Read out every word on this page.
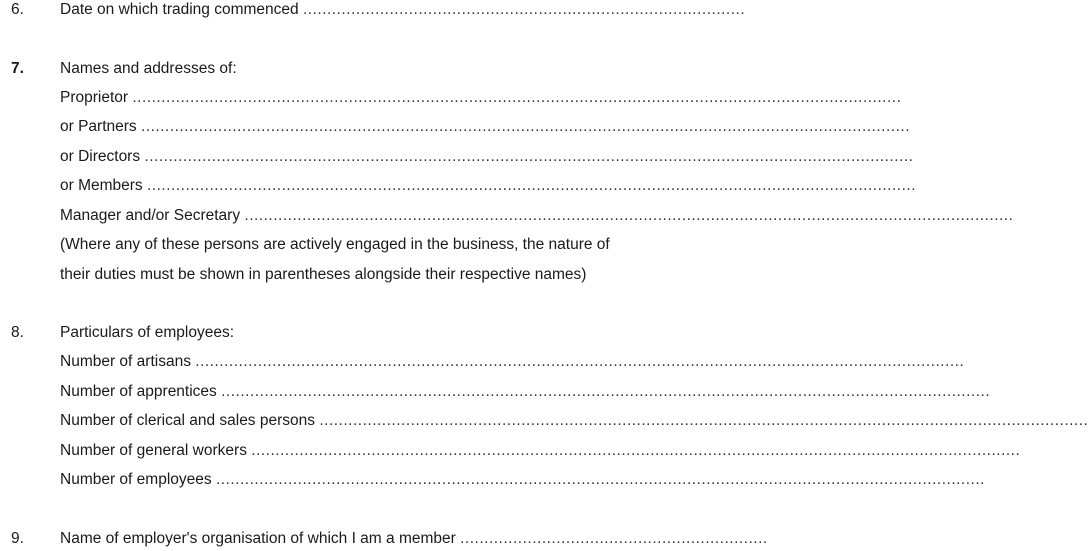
6.	Date on which trading commenced ............................................................................................
7.	Names and addresses of:
Proprietor ................................................................................................................................................................
or Partners ................................................................................................................................................................
or Directors ................................................................................................................................................................
or Members ................................................................................................................................................................
Manager and/or Secretary ................................................................................................................................................................
(Where any of these persons are actively engaged in the business, the nature of
their duties must be shown in parentheses alongside their respective names)
8.	Particulars of employees:
Number of artisans ................................................................................................................................................................
Number of apprentices ................................................................................................................................................................
Number of clerical and sales persons ................................................................................................................................................................
Number of general workers ................................................................................................................................................................
Number of employees ................................................................................................................................................................
9.	Name of employer's organisation of which I am a member ................................................................
